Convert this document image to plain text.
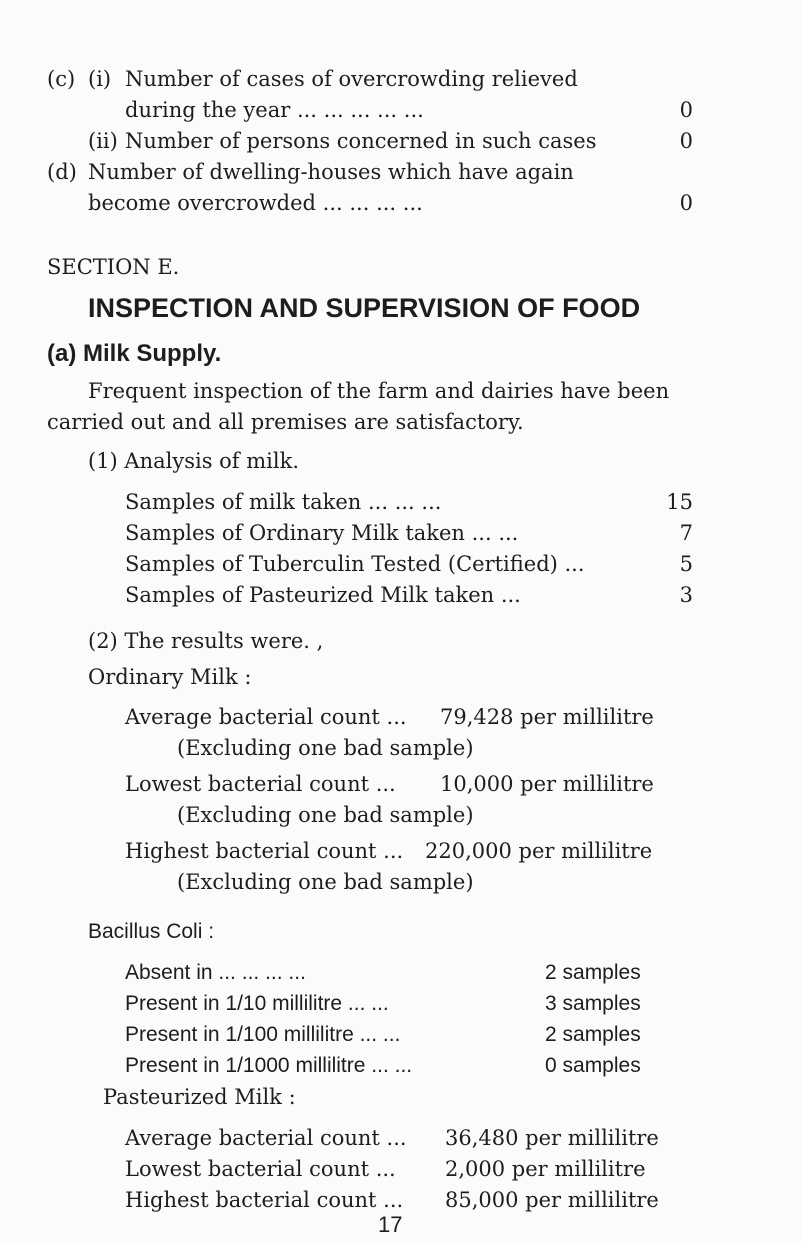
(c) (i) Number of cases of overcrowding relieved
during the year ... ... ... ... ...	0
(ii) Number of persons concerned in such cases	0
(d) Number of dwelling-houses which have again
become overcrowded ... ... ... ...	0
SECTION E.
INSPECTION AND SUPERVISION OF FOOD
(a) Milk Supply.
Frequent inspection of the farm and dairies have been
carried out and all premises are satisfactory.
(1) Analysis of milk.
Samples of milk taken ... ... ...	15
Samples of Ordinary Milk taken ... ...	7
Samples of Tuberculin Tested (Certified) ...	5
Samples of Pasteurized Milk taken ...	3
(2) The results were. ,
Ordinary Milk :
Average bacterial count ... 79,428 per millilitre
(Excluding one bad sample)
Lowest bacterial count ... 10,000 per millilitre
(Excluding one bad sample)
Highest bacterial count ... 220,000 per millilitre
(Excluding one bad sample)
Bacillus Coli :
Absent in ... ... ... ...	2 samples
Present in 1/10 millilitre ... ...	3 samples
Present in 1/100 millilitre ... ...	2 samples
Present in 1/1000 millilitre ... ...	0 samples
Pasteurized Milk :
Average bacterial count ... 36,480 per millilitre
Lowest bacterial count ... 2,000 per millilitre
Highest bacterial count ... 85,000 per millilitre
17
